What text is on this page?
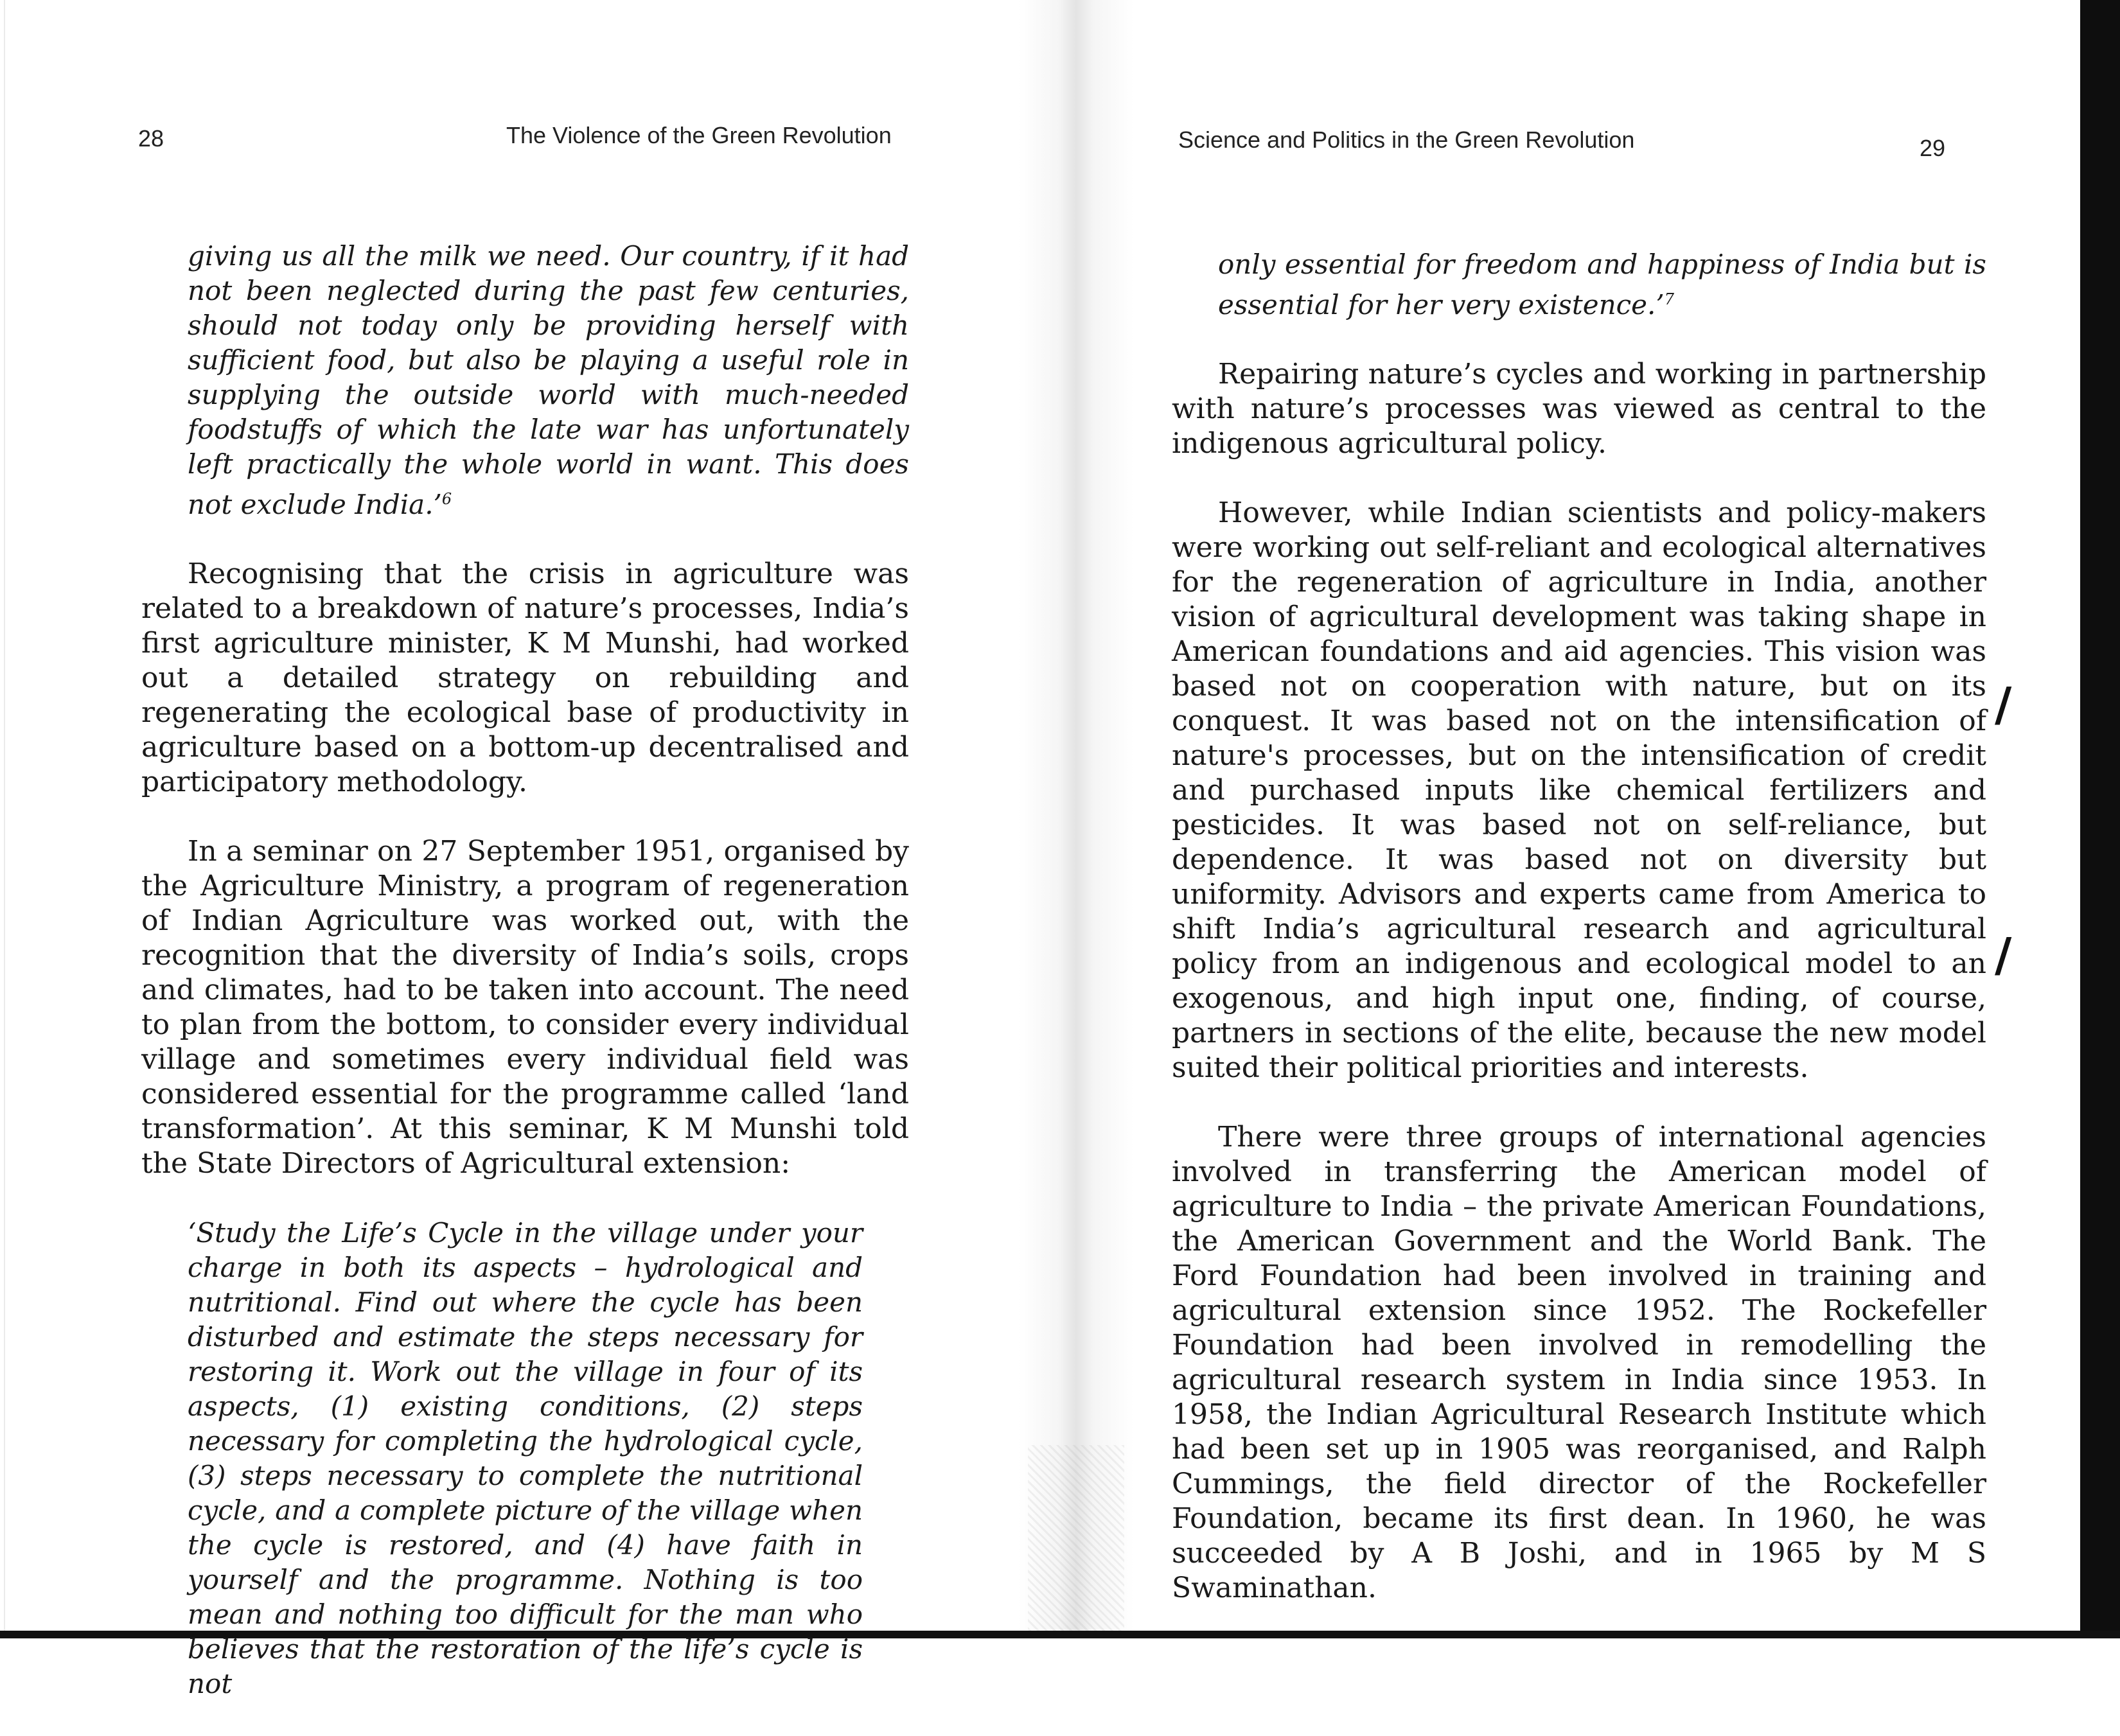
28	The Violence of the Green Revolution

giving us all the milk we need. Our country, if it had not been neglected during the past few centuries, should not today only be providing herself with sufficient food, but also be playing a useful role in supplying the outside world with much-needed foodstuffs of which the late war has unfortunately left practically the whole world in want. This does not exclude India.’$^6$

Recognising that the crisis in agriculture was related to a breakdown of nature’s processes, India’s first agriculture minister, K M Munshi, had worked out a detailed strategy on rebuilding and regenerating the ecological base of productivity in agriculture based on a bottom-up decentralised and participatory methodology.

In a seminar on 27 September 1951, organised by the Agriculture Ministry, a program of regeneration of Indian Agriculture was worked out, with the recognition that the diversity of India’s soils, crops and climates, had to be taken into account. The need to plan from the bottom, to consider every individual village and sometimes every individual field was considered essential for the programme called ‘land transformation’. At this seminar, K M Munshi told the State Directors of Agricultural extension:

‘Study the Life’s Cycle in the village under your charge in both its aspects – hydrological and nutritional. Find out where the cycle has been disturbed and estimate the steps necessary for restoring it. Work out the village in four of its aspects, (1) existing conditions, (2) steps necessary for completing the hydrological cycle, (3) steps necessary to complete the nutritional cycle, and a complete picture of the village when the cycle is restored, and (4) have faith in yourself and the programme. Nothing is too mean and nothing too difficult for the man who believes that the restoration of the life’s cycle is not

Science and Politics in the Green Revolution	29

only essential for freedom and happiness of India but is essential for her very existence.’$^7$

Repairing nature’s cycles and working in partnership with nature’s processes was viewed as central to the indigenous agricultural policy.

However, while Indian scientists and policy-makers were working out self-reliant and ecological alternatives for the regeneration of agriculture in India, another vision of agricultural development was taking shape in American foundations and aid agencies. This vision was based not on cooperation with nature, but on its conquest. It was based not on the intensification of nature's processes, but on the intensification of credit and purchased inputs like chemical fertilizers and pesticides. It was based not on self-reliance, but dependence. It was based not on diversity but uniformity. Advisors and experts came from America to shift India’s agricultural research and agricultural policy from an indigenous and ecological model to an exogenous, and high input one, finding, of course, partners in sections of the elite, because the new model suited their political priorities and interests.

There were three groups of international agencies involved in transferring the American model of agriculture to India – the private American Foundations, the American Government and the World Bank. The Ford Foundation had been involved in training and agricultural extension since 1952. The Rockefeller Foundation had been involved in remodelling the agricultural research system in India since 1953. In 1958, the Indian Agricultural Research Institute which had been set up in 1905 was reorganised, and Ralph Cummings, the field director of the Rockefeller Foundation, became its first dean. In 1960, he was succeeded by A B Joshi, and in 1965 by M S Swaminathan.

/
/
